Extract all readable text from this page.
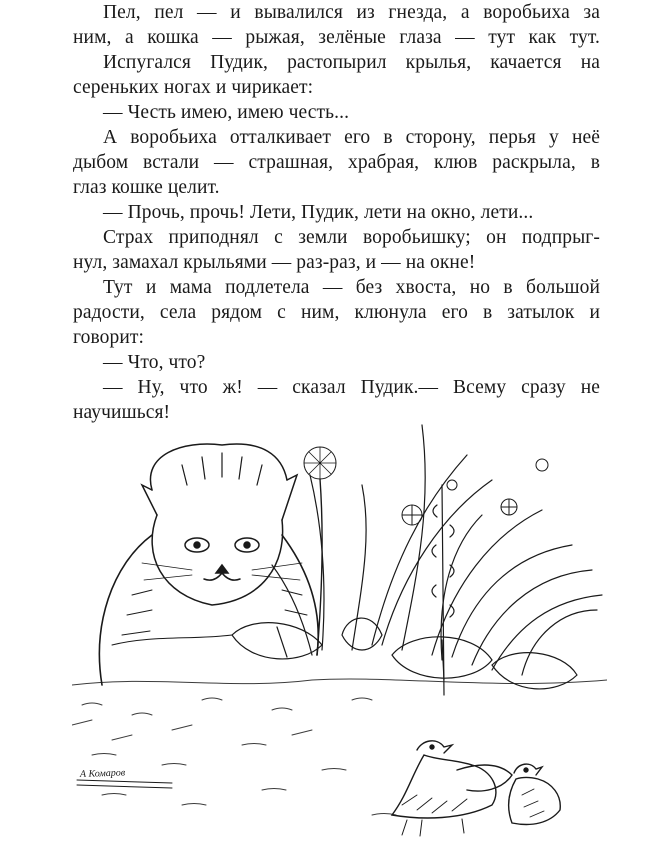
Пел, пел — и вывалился из гнезда, а воробьиха за
ним, а кошка — рыжая, зелёные глаза — тут как тут.
Испугался Пудик, растопырил крылья, качается на
серeньких ногах и чирикает:
— Честь имею, имею честь...
А воробьиха отталкивает его в сторону, перья у неё
дыбом встали — страшная, храбрая, клюв раскрыла, в
глаз кошке целит.
— Прочь, прочь! Лети, Пудик, лети на окно, лети...
Страх приподнял с земли воробьишку; он подпрыг-
нул, замахал крыльями — раз-раз, и — на окне!
Тут и мама подлетела — без хвоста, но в большой
радости, села рядом с ним, клюнула его в затылок и
говорит:
— Что, что?
— Ну, что ж! — сказал Пудик.— Всему сразу не
научишься!
А Комаров
